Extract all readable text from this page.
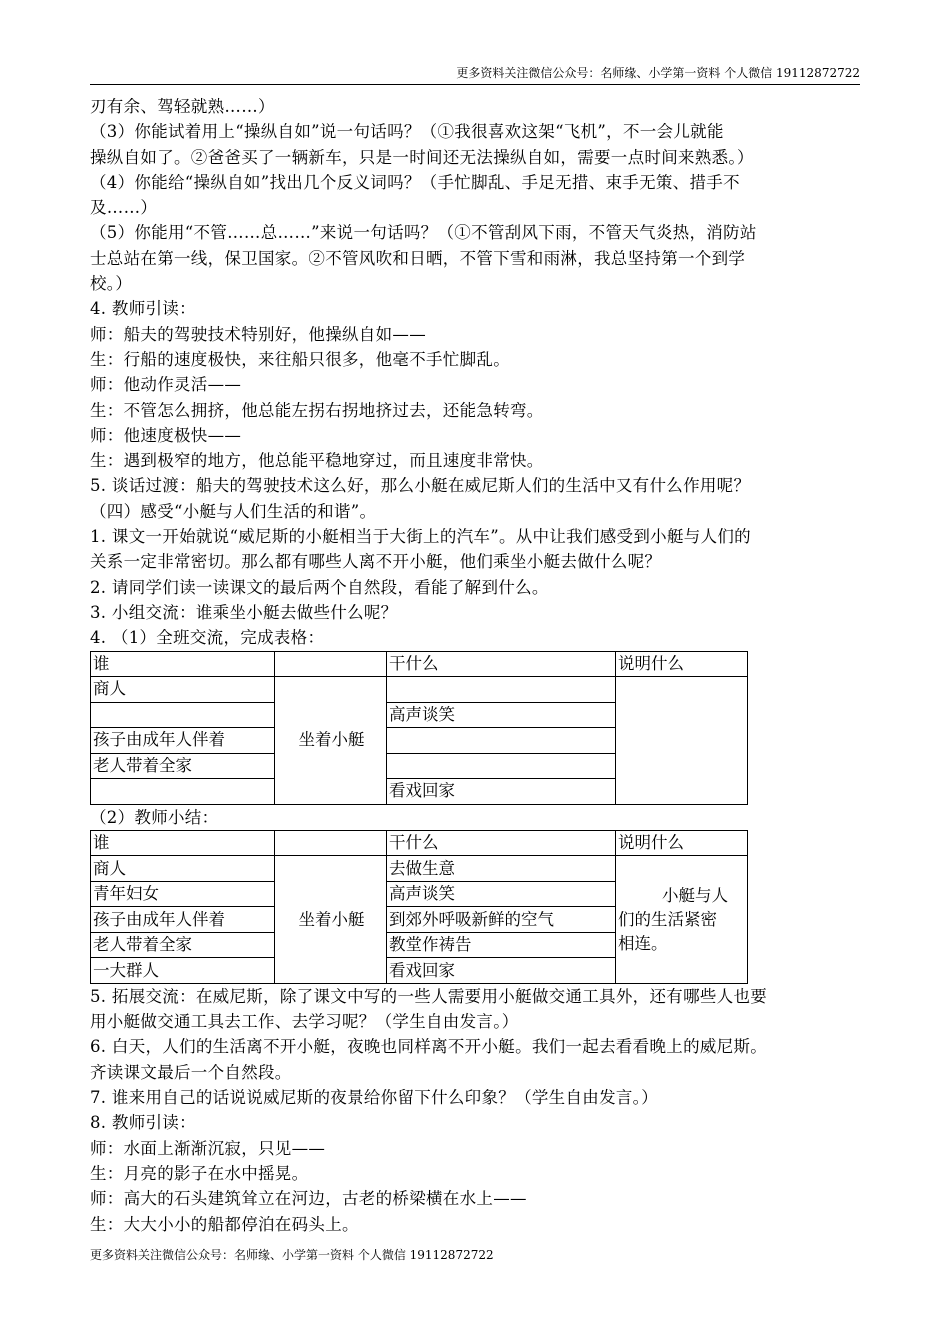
更多资料关注微信公众号：名师缘、小学第一资料 个人微信 19112872722
刃有余、驾轻就熟……）
（3）你能试着用上“操纵自如”说一句话吗？（①我很喜欢这架“飞机”，不一会儿就能
操纵自如了。②爸爸买了一辆新车，只是一时间还无法操纵自如，需要一点时间来熟悉。）
（4）你能给“操纵自如”找出几个反义词吗？（手忙脚乱、手足无措、束手无策、措手不
及……）
（5）你能用“不管……总……”来说一句话吗？（①不管刮风下雨，不管天气炎热，消防站
士总站在第一线，保卫国家。②不管风吹和日晒，不管下雪和雨淋，我总坚持第一个到学
校。）
4. 教师引读：
师：船夫的驾驶技术特别好，他操纵自如——
生：行船的速度极快，来往船只很多，他毫不手忙脚乱。
师：他动作灵活——
生：不管怎么拥挤，他总能左拐右拐地挤过去，还能急转弯。
师：他速度极快——
生：遇到极窄的地方，他总能平稳地穿过，而且速度非常快。
5. 谈话过渡：船夫的驾驶技术这么好，那么小艇在威尼斯人们的生活中又有什么作用呢？
（四）感受“小艇与人们生活的和谐”。
1. 课文一开始就说“威尼斯的小艇相当于大街上的汽车”。从中让我们感受到小艇与人们的
关系一定非常密切。那么都有哪些人离不开小艇，他们乘坐小艇去做什么呢？
2. 请同学们读一读课文的最后两个自然段，看能了解到什么。
3. 小组交流：谁乘坐小艇去做些什么呢？
4. （1）全班交流，完成表格：
谁		干什么	说明什么
商人	坐着小艇		
		高声谈笑	
孩子由成年人伴着			
老人带着全家			
		看戏回家	
（2）教师小结：
谁		干什么	说明什么
商人	坐着小艇	去做生意	小艇与人
们的生活紧密
相连。

青年妇女		高声谈笑	
孩子由成年人伴着		到郊外呼吸新鲜的空气	
老人带着全家		教堂作祷告	
一大群人		看戏回家	
5. 拓展交流：在威尼斯，除了课文中写的一些人需要用小艇做交通工具外，还有哪些人也要
用小艇做交通工具去工作、去学习呢？（学生自由发言。）
6. 白天，人们的生活离不开小艇，夜晚也同样离不开小艇。我们一起去看看晚上的威尼斯。
齐读课文最后一个自然段。
7. 谁来用自己的话说说威尼斯的夜景给你留下什么印象？（学生自由发言。）
8. 教师引读：
师：水面上渐渐沉寂，只见——
生：月亮的影子在水中摇晃。
师：高大的石头建筑耸立在河边，古老的桥梁横在水上——
生：大大小小的船都停泊在码头上。
更多资料关注微信公众号：名师缘、小学第一资料 个人微信 19112872722
